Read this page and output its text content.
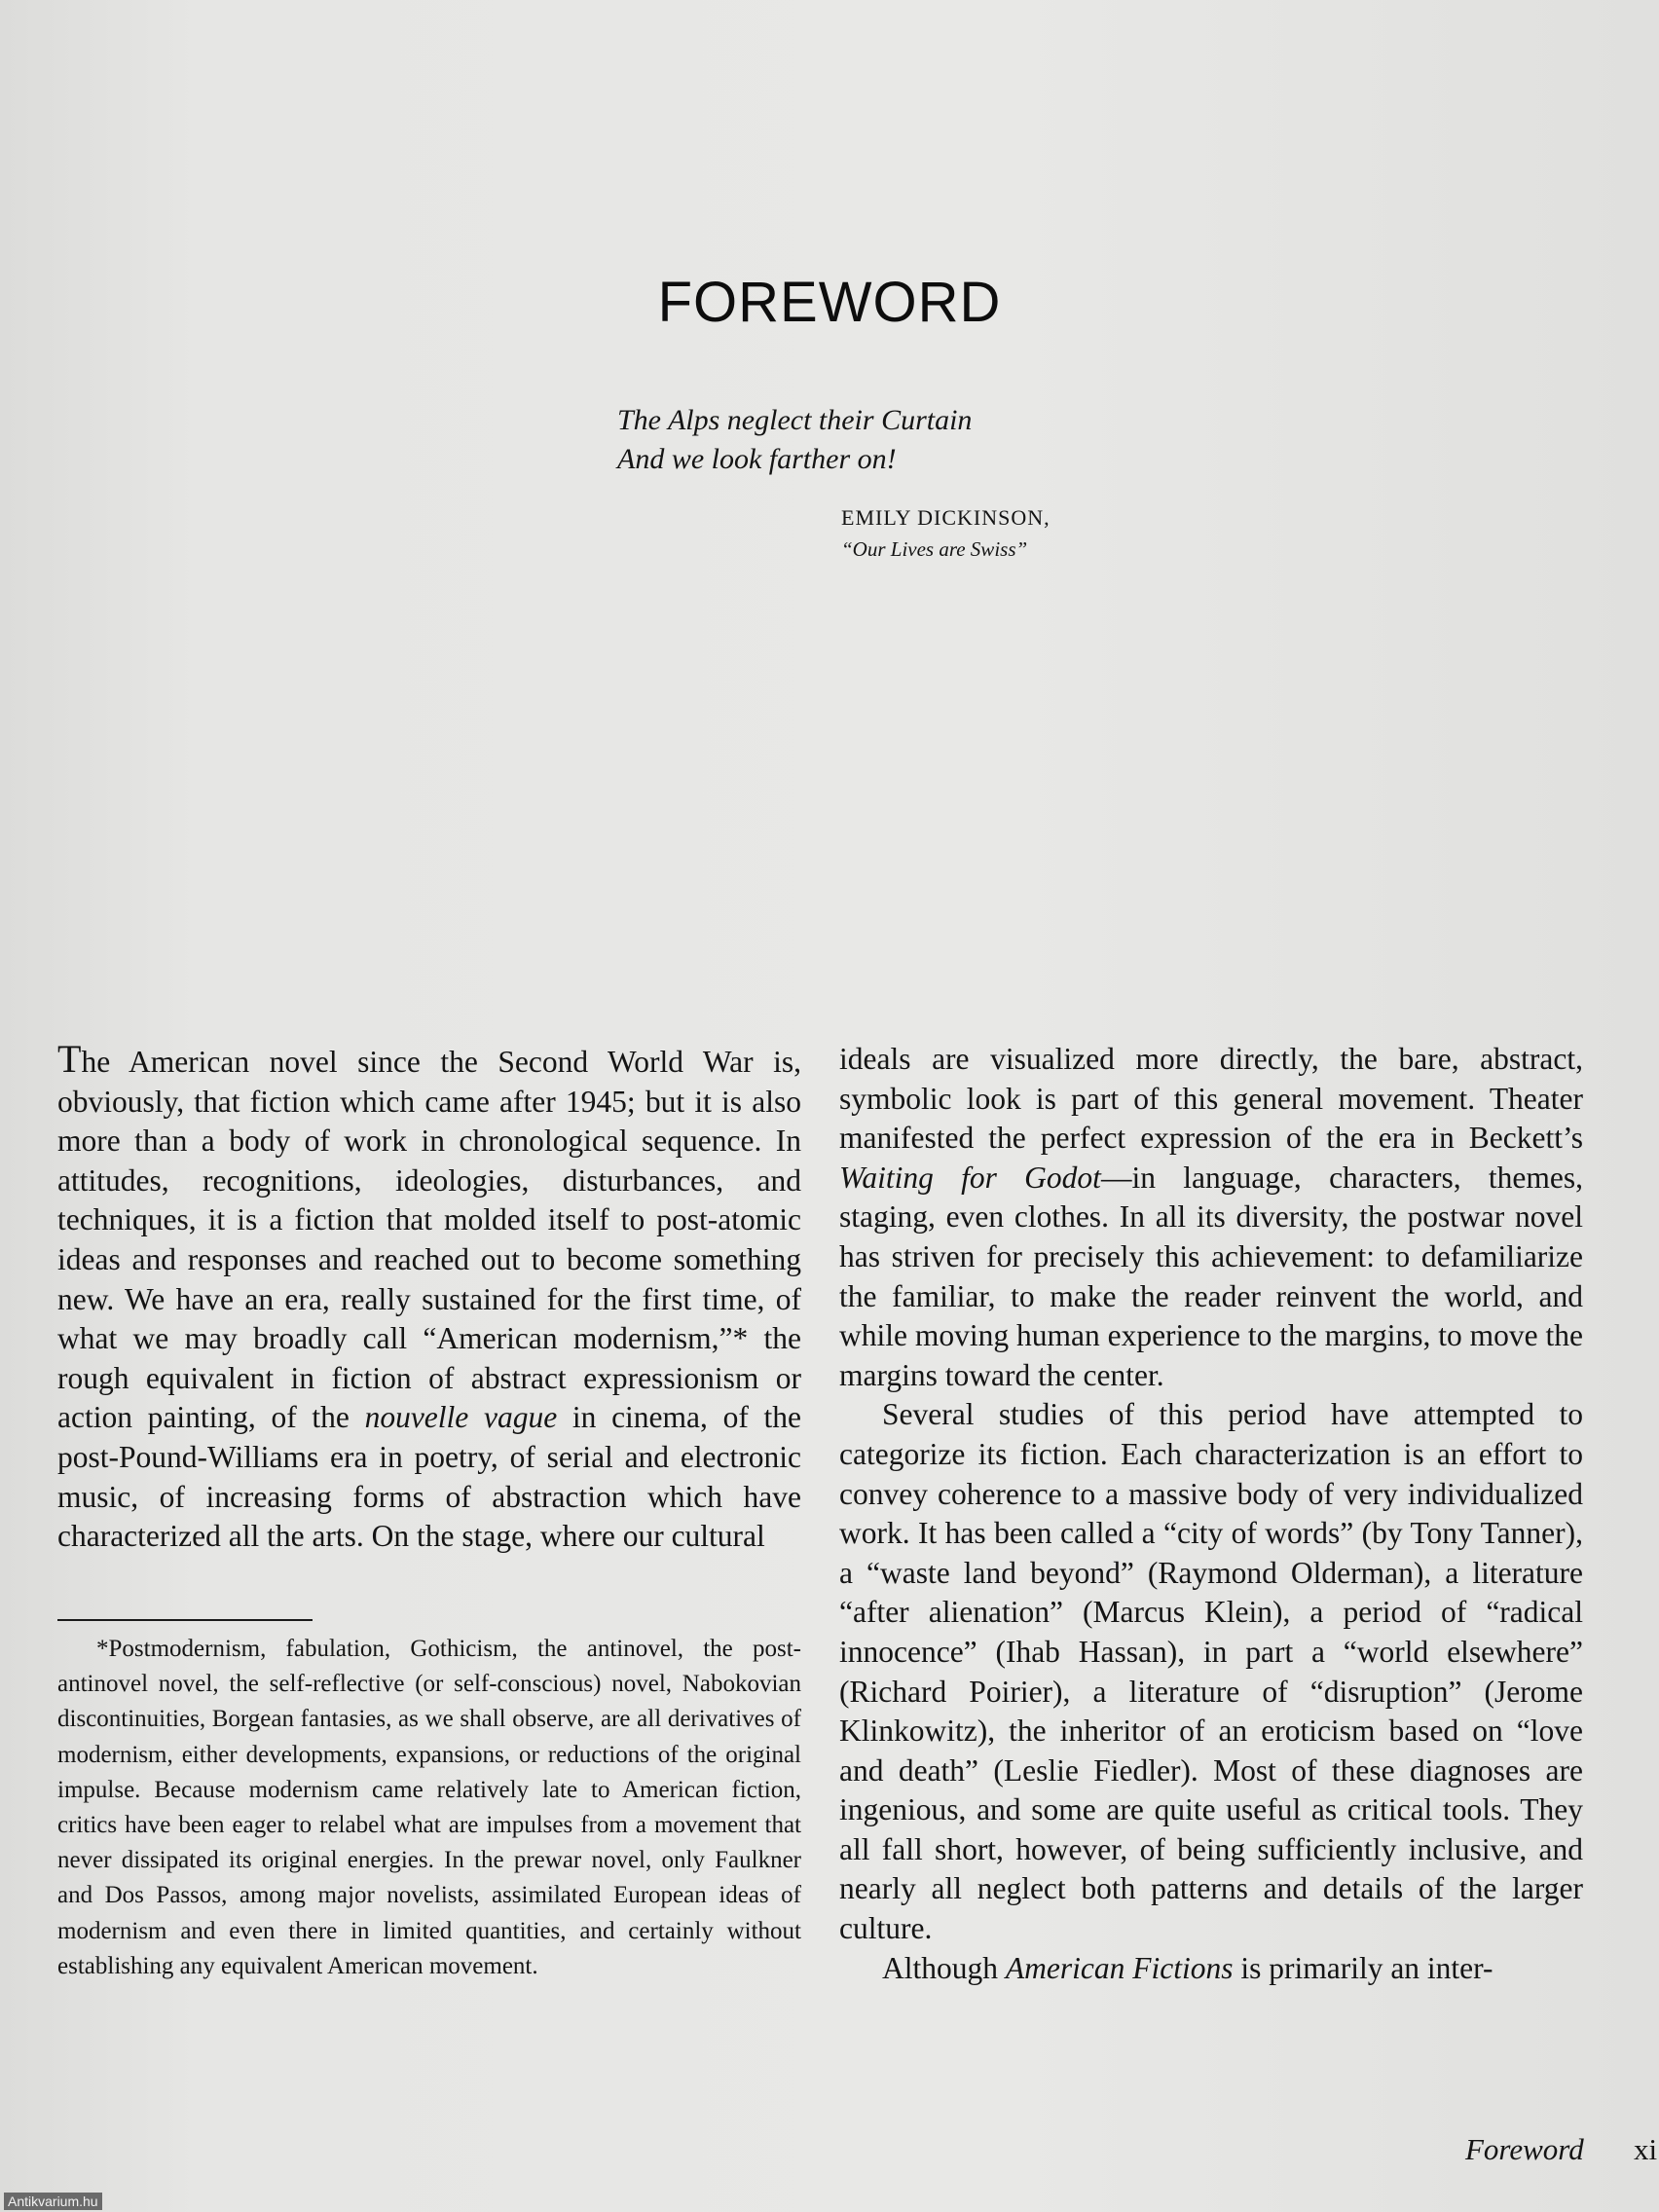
FOREWORD
The Alps neglect their Curtain
And we look farther on!
EMILY DICKINSON,
“Our Lives are Swiss”

The American novel since the Second World War is, obviously, that fiction which came after 1945; but it is also more than a body of work in chronological sequence. In attitudes, recognitions, ideologies, disturbances, and techniques, it is a fiction that molded itself to post-atomic ideas and responses and reached out to become something new. We have an era, really sustained for the first time, of what we may broadly call “American modernism,”* the rough equivalent in fiction of abstract expressionism or action painting, of the nouvelle vague in cinema, of the post-Pound-Williams era in poetry, of serial and electronic music, of increasing forms of abstraction which have characterized all the arts. On the stage, where our cultural

*Postmodernism, fabulation, Gothicism, the antinovel, the post-antinovel novel, the self-reflective (or self-conscious) novel, Nabokovian discontinuities, Borgean fantasies, as we shall observe, are all derivatives of modernism, either developments, expansions, or reductions of the original impulse. Because modernism came relatively late to American fiction, critics have been eager to relabel what are impulses from a movement that never dissipated its original energies. In the prewar novel, only Faulkner and Dos Passos, among major novelists, assimilated European ideas of modernism and even there in limited quantities, and certainly without establishing any equivalent American movement.

ideals are visualized more directly, the bare, abstract, symbolic look is part of this general movement. Theater manifested the perfect expression of the era in Beckett’s Waiting for Godot—in language, characters, themes, staging, even clothes. In all its diversity, the postwar novel has striven for precisely this achievement: to defamiliarize the familiar, to make the reader reinvent the world, and while moving human experience to the margins, to move the margins toward the center.

Several studies of this period have attempted to categorize its fiction. Each characterization is an effort to convey coherence to a massive body of very individualized work. It has been called a “city of words” (by Tony Tanner), a “waste land beyond” (Raymond Olderman), a literature “after alienation” (Marcus Klein), a period of “radical innocence” (Ihab Hassan), in part a “world elsewhere” (Richard Poirier), a literature of “disruption” (Jerome Klinkowitz), the inheritor of an eroticism based on “love and death” (Leslie Fiedler). Most of these diagnoses are ingenious, and some are quite useful as critical tools. They all fall short, however, of being sufficiently inclusive, and nearly all neglect both patterns and details of the larger culture.

Although American Fictions is primarily an inter-

Foreword xi
Antikvarium.hu
